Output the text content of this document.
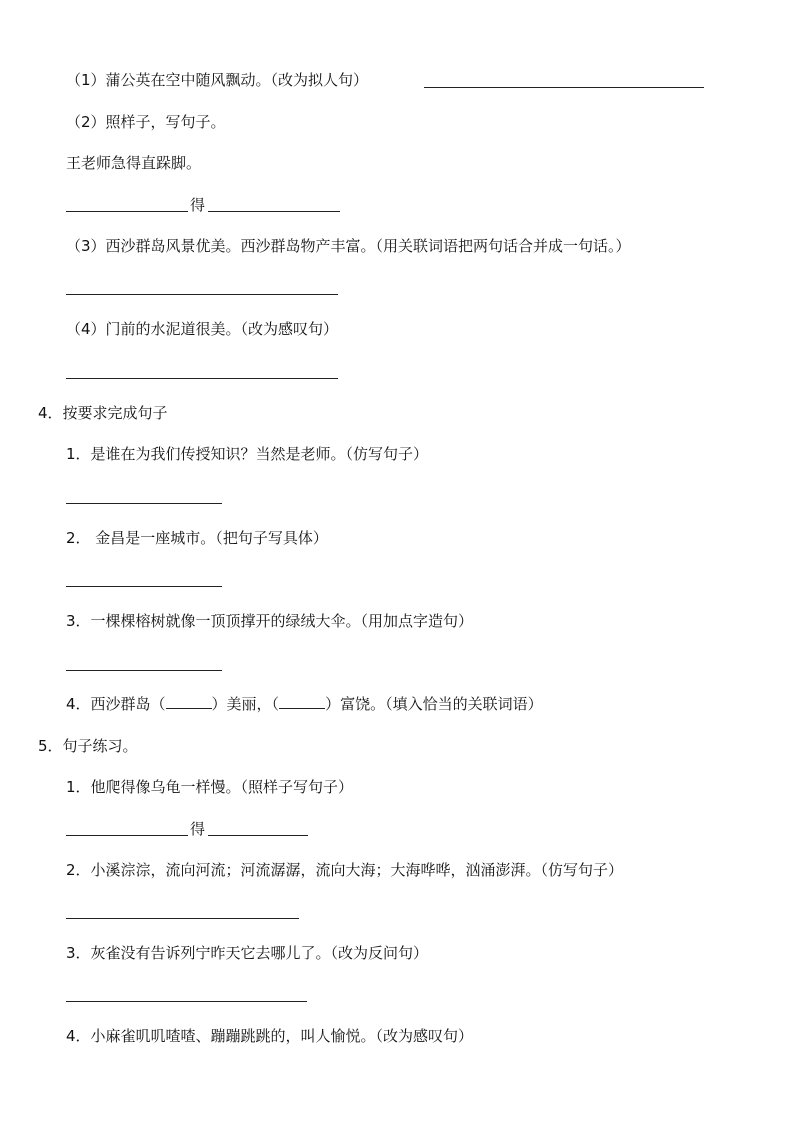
（1）蒲公英在空中随风飘动。（改为拟人句）
（2）照样子，写句子。
王老师急得直跺脚。
得
（3）西沙群岛风景优美。西沙群岛物产丰富。（用关联词语把两句话合并成一句话。）
（4）门前的水泥道很美。（改为感叹句）
4．按要求完成句子
1．是谁在为我们传授知识？当然是老师。（仿写句子）
2． 金昌是一座城市。（把句子写具体）
3．一棵棵榕树就像一顶顶撑开的绿绒大伞。（用加点字造句）
4．西沙群岛（	）美丽，（	）富饶。（填入恰当的关联词语）
5．句子练习。
1．他爬得像乌龟一样慢。（照样子写句子）
得
2．小溪淙淙，流向河流；河流潺潺，流向大海；大海哗哗，汹涌澎湃。（仿写句子）
3．灰雀没有告诉列宁昨天它去哪儿了。（改为反问句）
4．小麻雀叽叽喳喳、蹦蹦跳跳的，叫人愉悦。（改为感叹句）
